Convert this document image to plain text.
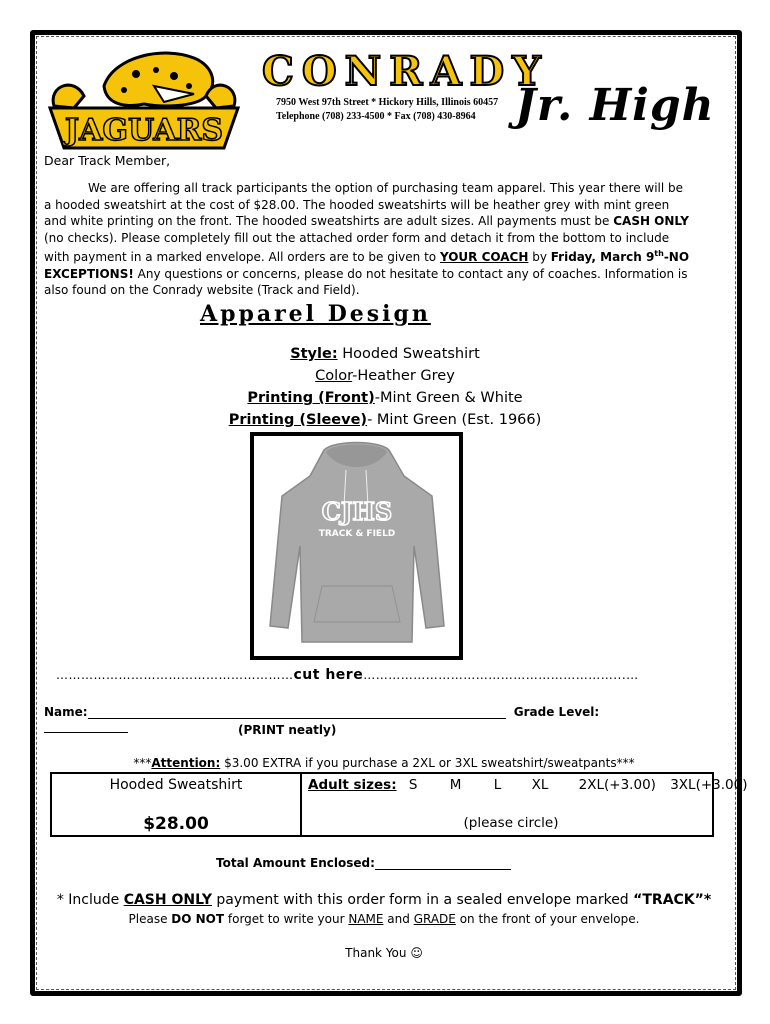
JAGUARS
CONRADY
7950 West 97th Street * Hickory Hills, Illinois 60457
Telephone (708) 233-4500 * Fax (708) 430-8964 Jr. High
Dear Track Member,
We are offering all track participants the option of purchasing team apparel. This year there will be a hooded sweatshirt at the cost of $28.00. The hooded sweatshirts will be heather grey with mint green and white printing on the front. The hooded sweatshirts are adult sizes. All payments must be CASH ONLY (no checks). Please completely fill out the attached order form and detach it from the bottom to include with payment in a marked envelope. All orders are to be given to YOUR COACH by Friday, March 9th-NO EXCEPTIONS! Any questions or concerns, please do not hesitate to contact any of coaches. Information is also found on the Conrady website (Track and Field).
Apparel Design
Style: Hooded Sweatshirt
Color-Heather Grey
Printing (Front)-Mint Green & White
Printing (Sleeve)- Mint Green (Est. 1966)
CJHS
TRACK & FIELD
…………………………………………………cut here……………………………………………………...…
Name:	Grade Level:
(PRINT neatly)
***Attention: $3.00 EXTRA if you purchase a 2XL or 3XL sweatshirt/sweatpants***
Hooded Sweatshirt
$28.00
Adult sizes: S M L XL 2XL(+3.00) 3XL(+3.00)
(please circle)
Total Amount Enclosed:
* Include CASH ONLY payment with this order form in a sealed envelope marked “TRACK”*
Please DO NOT forget to write your NAME and GRADE on the front of your envelope.
Thank You ☺
